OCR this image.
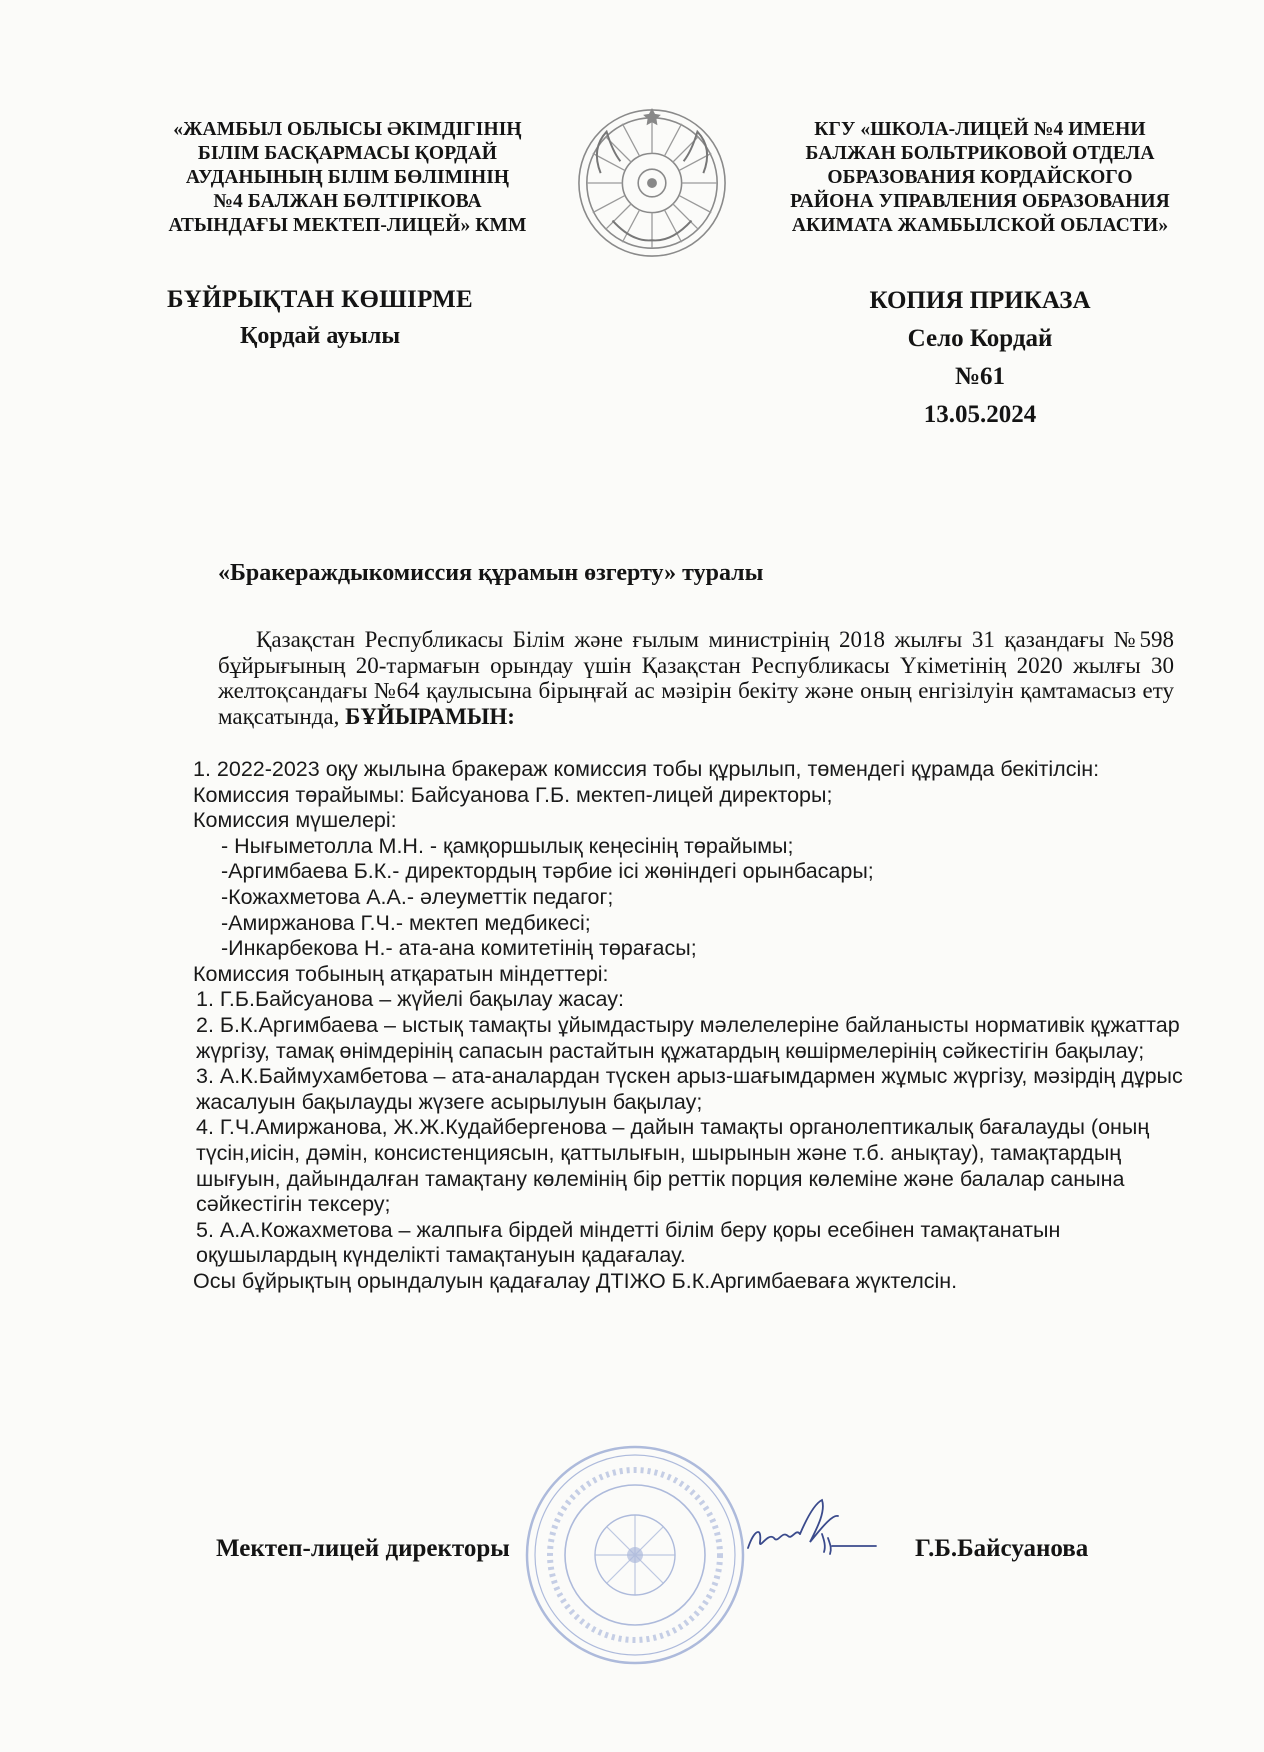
«ЖАМБЫЛ ОБЛЫСЫ ӘКІМДІГІНІҢ
БІЛІМ БАСҚАРМАСЫ ҚОРДАЙ
АУДАНЫНЫҢ БІЛІМ БӨЛІМІНІҢ
№4 БАЛЖАН БӨЛТІРІКОВА
АТЫНДАҒЫ МЕКТЕП-ЛИЦЕЙ» КММ
КГУ «ШКОЛА-ЛИЦЕЙ №4 ИМЕНИ
БАЛЖАН БОЛЬТРИКОВОЙ ОТДЕЛА
ОБРАЗОВАНИЯ КОРДАЙСКОГО
РАЙОНА УПРАВЛЕНИЯ ОБРАЗОВАНИЯ
АКИМАТА ЖАМБЫЛСКОЙ ОБЛАСТИ»
БҰЙРЫҚТАН КӨШІРМЕ
Қордай ауылы
КОПИЯ ПРИКАЗА
Село Кордай
№61
13.05.2024
«Бракераждыкомиссия құрамын өзгерту» туралы

Қазақстан Республикасы Білім және ғылым министрінің 2018 жылғы 31 қазандағы №598 бұйрығының 20-тармағын орындау үшін Қазақстан Республикасы Үкіметінің 2020 жылғы 30 желтоқсандағы №64 қаулысына бірыңғай ас мәзірін бекіту және оның енгізілуін қамтамасыз ету мақсатында, БҰЙЫРАМЫН:

1. 2022-2023 оқу жылына бракераж комиссия тобы құрылып, төмендегі құрамда бекітілсін:

Комиссия төрайымы: Байсуанова Г.Б. мектеп-лицей директоры;

Комиссия мүшелері:

- Нығыметолла М.Н. - қамқоршылық кеңесінің төрайымы;

-Аргимбаева Б.К.- директордың тәрбие ісі жөніндегі орынбасары;

-Кожахметова А.А.- әлеуметтік педагог;

-Амиржанова Г.Ч.- мектеп медбикесі;

-Инкарбекова Н.- ата-ана комитетінің төрағасы;

Комиссия тобының атқаратын міндеттері:

1. Г.Б.Байсуанова – жүйелі бақылау жасау:

2. Б.К.Аргимбаева – ыстық тамақты ұйымдастыру мәлелелеріне байланысты нормативік құжаттар жүргізу, тамақ өнімдерінің сапасын растайтын құжатардың көшірмелерінің сәйкестігін бақылау;

3. А.К.Баймухамбетова – ата-аналардан түскен арыз-шағымдармен жұмыс жүргізу, мәзірдің дұрыс жасалуын бақылауды жүзеге асырылуын бақылау;

4. Г.Ч.Амиржанова, Ж.Ж.Кудайбергенова – дайын тамақты органолептикалық бағалауды (оның түсін,иісін, дәмін, консистенциясын, қаттылығын, шырынын және т.б. анықтау), тамақтардың шығуын, дайындалған тамақтану көлемінің бір реттік порция көлеміне және балалар санына сәйкестігін тексеру;

5. А.А.Кожахметова – жалпыға бірдей міндетті білім беру қоры есебінен тамақтанатын оқушылардың күнделікті тамақтануын қадағалау.

Осы бұйрықтың орындалуын қадағалау ДТІЖО Б.К.Аргимбаеваға жүктелсін.

Мектеп-лицей директоры	Г.Б.Байсуанова
